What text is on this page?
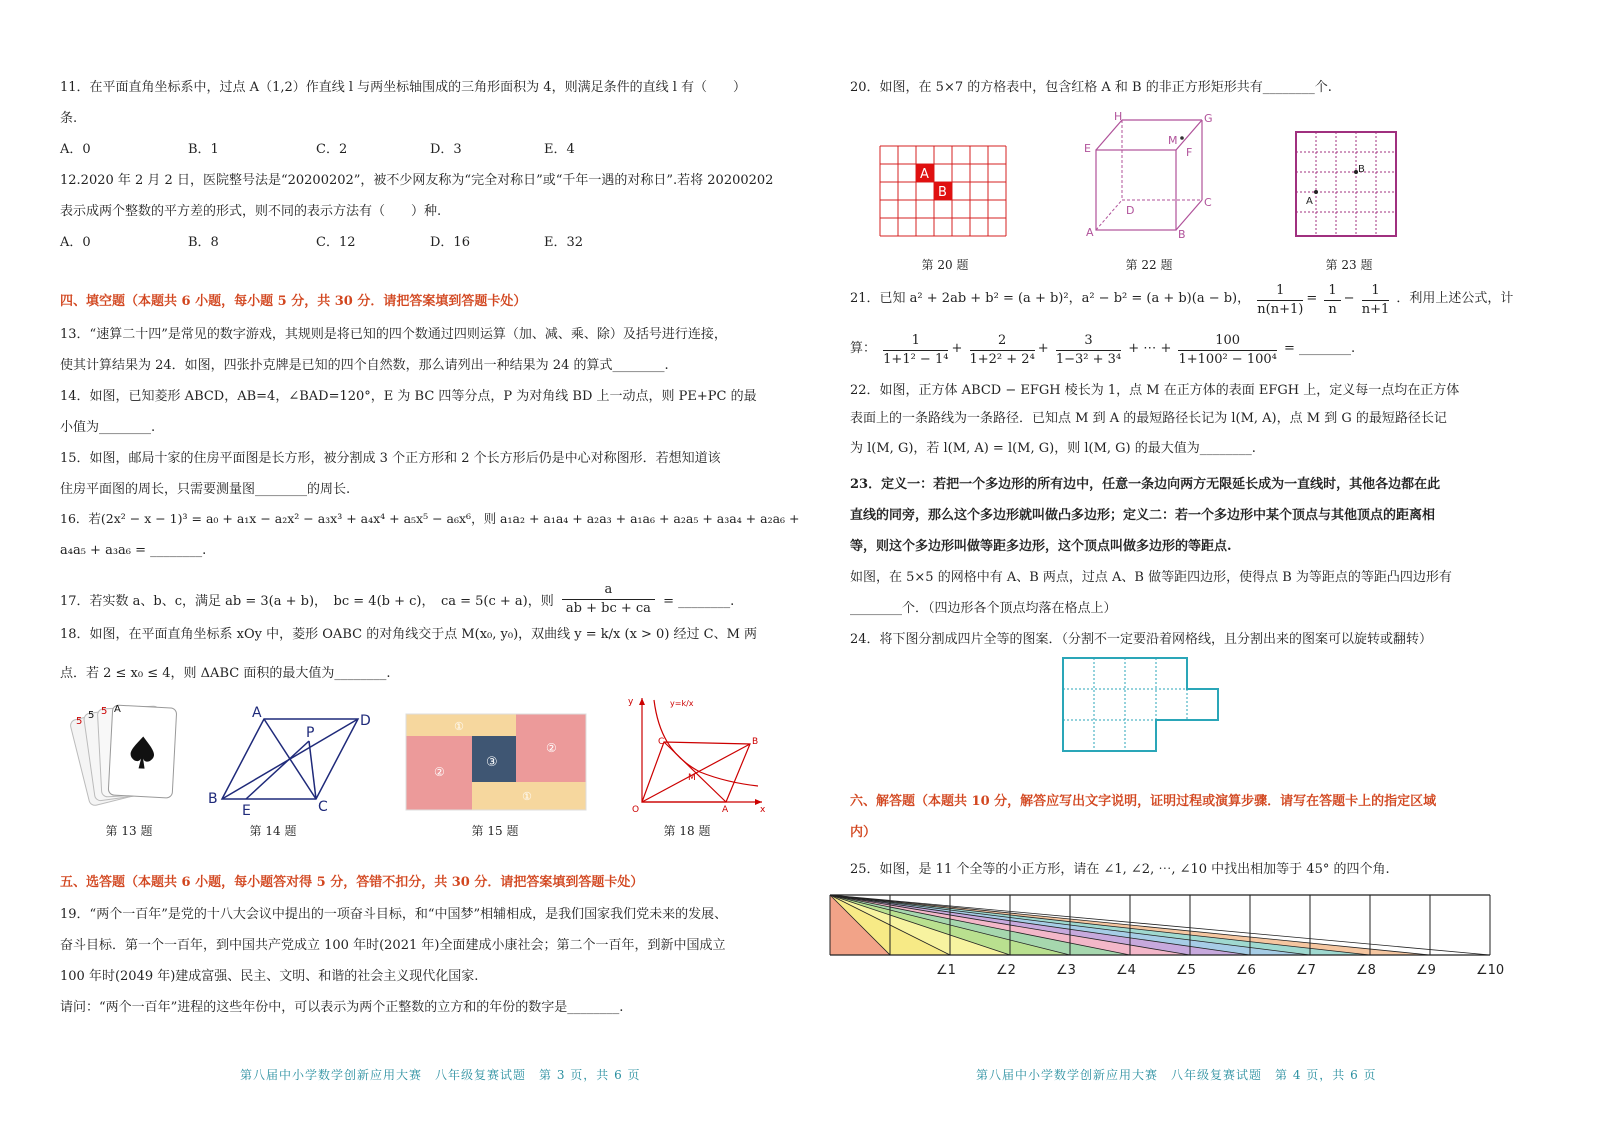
11．在平面直角坐标系中，过点 A（1,2）作直线 l 与两坐标轴围成的三角形面积为 4，则满足条件的直线 l 有（　　）
条.
A．0	B．1	C．2	D．3	E．4
12.2020 年 2 月 2 日，医院整号法是“20200202”，被不少网友称为“完全对称日”或“千年一遇的对称日”.若将 20200202
表示成两个整数的平方差的形式，则不同的表示方法有（　　）种.
A．0	B．8	C．12	D．16	E．32
四、填空题（本题共 6 小题，每小题 5 分，共 30 分．请把答案填到答题卡处）
13．“速算二十四”是常见的数字游戏，其规则是将已知的四个数通过四则运算（加、减、乘、除）及括号进行连接，
使其计算结果为 24．如图，四张扑克牌是已知的四个自然数，那么请列出一种结果为 24 的算式________.
14．如图，已知菱形 ABCD，AB=4，∠BAD=120°，E 为 BC 四等分点，P 为对角线 BD 上一动点，则 PE+PC 的最
小值为________.
15．如图，邮局十家的住房平面图是长方形，被分割成 3 个正方形和 2 个长方形后仍是中心对称图形．若想知道该
住房平面图的周长，只需要测量图________的周长.
16．若(2x² − x − 1)³ = a₀ + a₁x − a₂x² − a₃x³ + a₄x⁴ + a₅x⁵ − a₆x⁶，则 a₁a₂ + a₁a₄ + a₂a₃ + a₁a₆ + a₂a₅ + a₃a₄ + a₂a₆ +
a₄a₅ + a₃a₆ = ________.
17．若实数 a、b、c，满足 ab = 3(a + b)，　bc = 4(b + c)，　ca = 5(c + a)，则 $\frac{a}{ab + bc + ca}$ = ________.
18．如图，在平面直角坐标系 xOy 中，菱形 OABC 的对角线交于点 M(x₀, y₀)，双曲线 y = k/x (x > 0) 经过 C、M 两
点．若 2 ≤ x₀ ≤ 4，则 ΔABC 面积的最大值为________.
5
5 5 A
第 13 题
A	D
P
B
E	C
第 14 题
①
②
③
②
①
第 15 题
y	y=k/x
C	B
M
O	A	x
第 18 题
五、选答题（本题共 6 小题，每小题答对得 5 分，答错不扣分，共 30 分．请把答案填到答题卡处）
19．“两个一百年”是党的十八大会议中提出的一项奋斗目标，和“中国梦”相辅相成，是我们国家我们党未来的发展、
奋斗目标．第一个一百年，到中国共产党成立 100 年时(2021 年)全面建成小康社会；第二个一百年，到新中国成立
100 年时(2049 年)建成富强、民主、文明、和谐的社会主义现代化国家.
请问：“两个一百年”进程的这些年份中，可以表示为两个正整数的立方和的年份的数字是________.
第八届中小学数学创新应用大赛　八年级复赛试题　第 3 页，共 6 页
20．如图，在 5×7 的方格表中，包含红格 A 和 B 的非正方形矩形共有________个.
A
B
第 20 题
H	G
E
M
F
D
C
A	B
第 22 题
B
A
第 23 题
21．已知 a² + 2ab + b² = (a + b)²，a² − b² = (a + b)(a − b)， $\frac{1}{n(n+1)} = \frac{1}{n} - \frac{1}{n+1}$ ．利用上述公式，计
算： $\frac{1}{\text{1+1² − 1⁴}} + \frac{2}{\text{1+2² + 2⁴}} + \frac{3}{\text{1−3² + 3⁴}}$ + ⋯ + $\frac{100}{\text{1+100² − 100⁴}}$ = ________.
22．如图，正方体 ABCD − EFGH 棱长为 1，点 M 在正方体的表面 EFGH 上，定义每一点均在正方体
表面上的一条路线为一条路径．已知点 M 到 A 的最短路径长记为 l(M, A)，点 M 到 G 的最短路径长记
为 l(M, G)，若 l(M, A) = l(M, G)，则 l(M, G) 的最大值为________.
23．定义一：若把一个多边形的所有边中，任意一条边向两方无限延长成为一直线时，其他各边都在此
直线的同旁，那么这个多边形就叫做凸多边形；定义二：若一个多边形中某个顶点与其他顶点的距离相
等，则这个多边形叫做等距多边形，这个顶点叫做多边形的等距点.
如图，在 5×5 的网格中有 A、B 两点，过点 A、B 做等距四边形，使得点 B 为等距点的等距凸四边形有
________个．（四边形各个顶点均落在格点上）
24．将下图分割成四片全等的图案．（分割不一定要沿着网格线，且分割出来的图案可以旋转或翻转）
六、解答题（本题共 10 分，解答应写出文字说明，证明过程或演算步骤．请写在答题卡上的指定区域
内）
25．如图，是 11 个全等的小正方形，请在 ∠1, ∠2, ⋯, ∠10 中找出相加等于 45° 的四个角.
∠1	∠2	∠3	∠4	∠5	∠6	∠7	∠8	∠9	∠10
第八届中小学数学创新应用大赛　八年级复赛试题　第 4 页，共 6 页
